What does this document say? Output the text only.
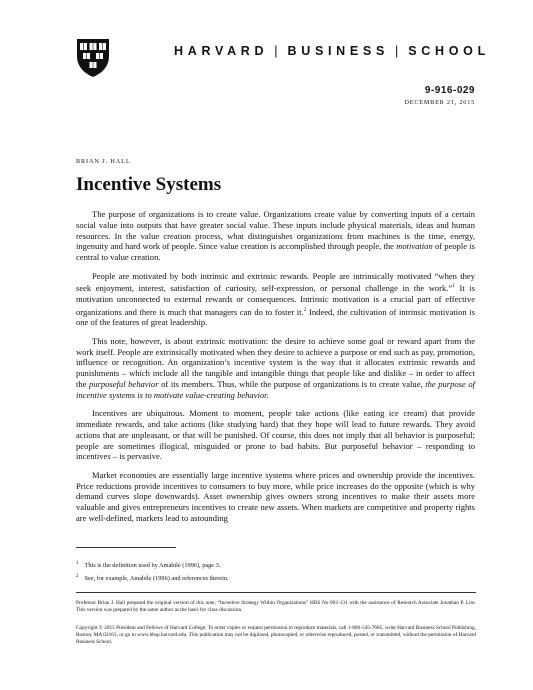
HARVARD | BUSINESS | SCHOOL
9-916-029
DECEMBER 21, 2015
BRIAN J. HALL
Incentive Systems

The purpose of organizations is to create value. Organizations create value by converting inputs of a certain social value into outputs that have greater social value. These inputs include physical materials, ideas and human resources. In the value creation process, what distinguishes organizations from machines is the time, energy, ingenuity and hard work of people. Since value creation is accomplished through people, the motivation of people is central to value creation.

People are motivated by both intrinsic and extrinsic rewards. People are intrinsically motivated “when they seek enjoyment, interest, satisfaction of curiosity, self-expression, or personal challenge in the work.”$^1$ It is motivation unconnected to external rewards or consequences. Intrinsic motivation is a crucial part of effective organizations and there is much that managers can do to foster it.$^2$ Indeed, the cultivation of intrinsic motivation is one of the features of great leadership.

This note, however, is about extrinsic motivation: the desire to achieve some goal or reward apart from the work itself. People are extrinsically motivated when they desire to achieve a purpose or end such as pay, promotion, influence or recognition. An organization’s incentive system is the way that it allocates extrinsic rewards and punishments – which include all the tangible and intangible things that people like and dislike – in order to affect the purposeful behavior of its members. Thus, while the purpose of organizations is to create value, the purpose of incentive systems is to motivate value-creating behavior.

Incentives are ubiquitous. Moment to moment, people take actions (like eating ice cream) that provide immediate rewards, and take actions (like studying hard) that they hope will lead to future rewards. They avoid actions that are unpleasant, or that will be punished. Of course, this does not imply that all behavior is purposeful; people are sometimes illogical, misguided or prone to bad habits. But purposeful behavior – responding to incentives – is pervasive.

Market economies are essentially large incentive systems where prices and ownership provide the incentives. Price reductions provide incentives to consumers to buy more, while price increases do the opposite (which is why demand curves slope downwards). Asset ownership gives owners strong incentives to make their assets more valuable and gives entrepreneurs incentives to create new assets. When markets are competitive and property rights are well-defined, markets lead to astounding

$^1$ This is the definition used by Amabile (1996), page 3.
$^2$ See, for example, Amabile (1996) and references therein.
Professor Brian J. Hall prepared the original version of this note, “Incentive Strategy Within Organizations” HBS No 902-131 with the assistance of Research Associate Jonathan P. Lim. This version was prepared by the same author as the basis for class discussion.
Copyright © 2015 President and Fellows of Harvard College. To order copies or request permission to reproduce materials, call 1-800-545-7685, write Harvard Business School Publishing, Boston, MA 02163, or go to www.hbsp.harvard.edu. This publication may not be digitized, photocopied, or otherwise reproduced, posted, or transmitted, without the permission of Harvard Business School.
